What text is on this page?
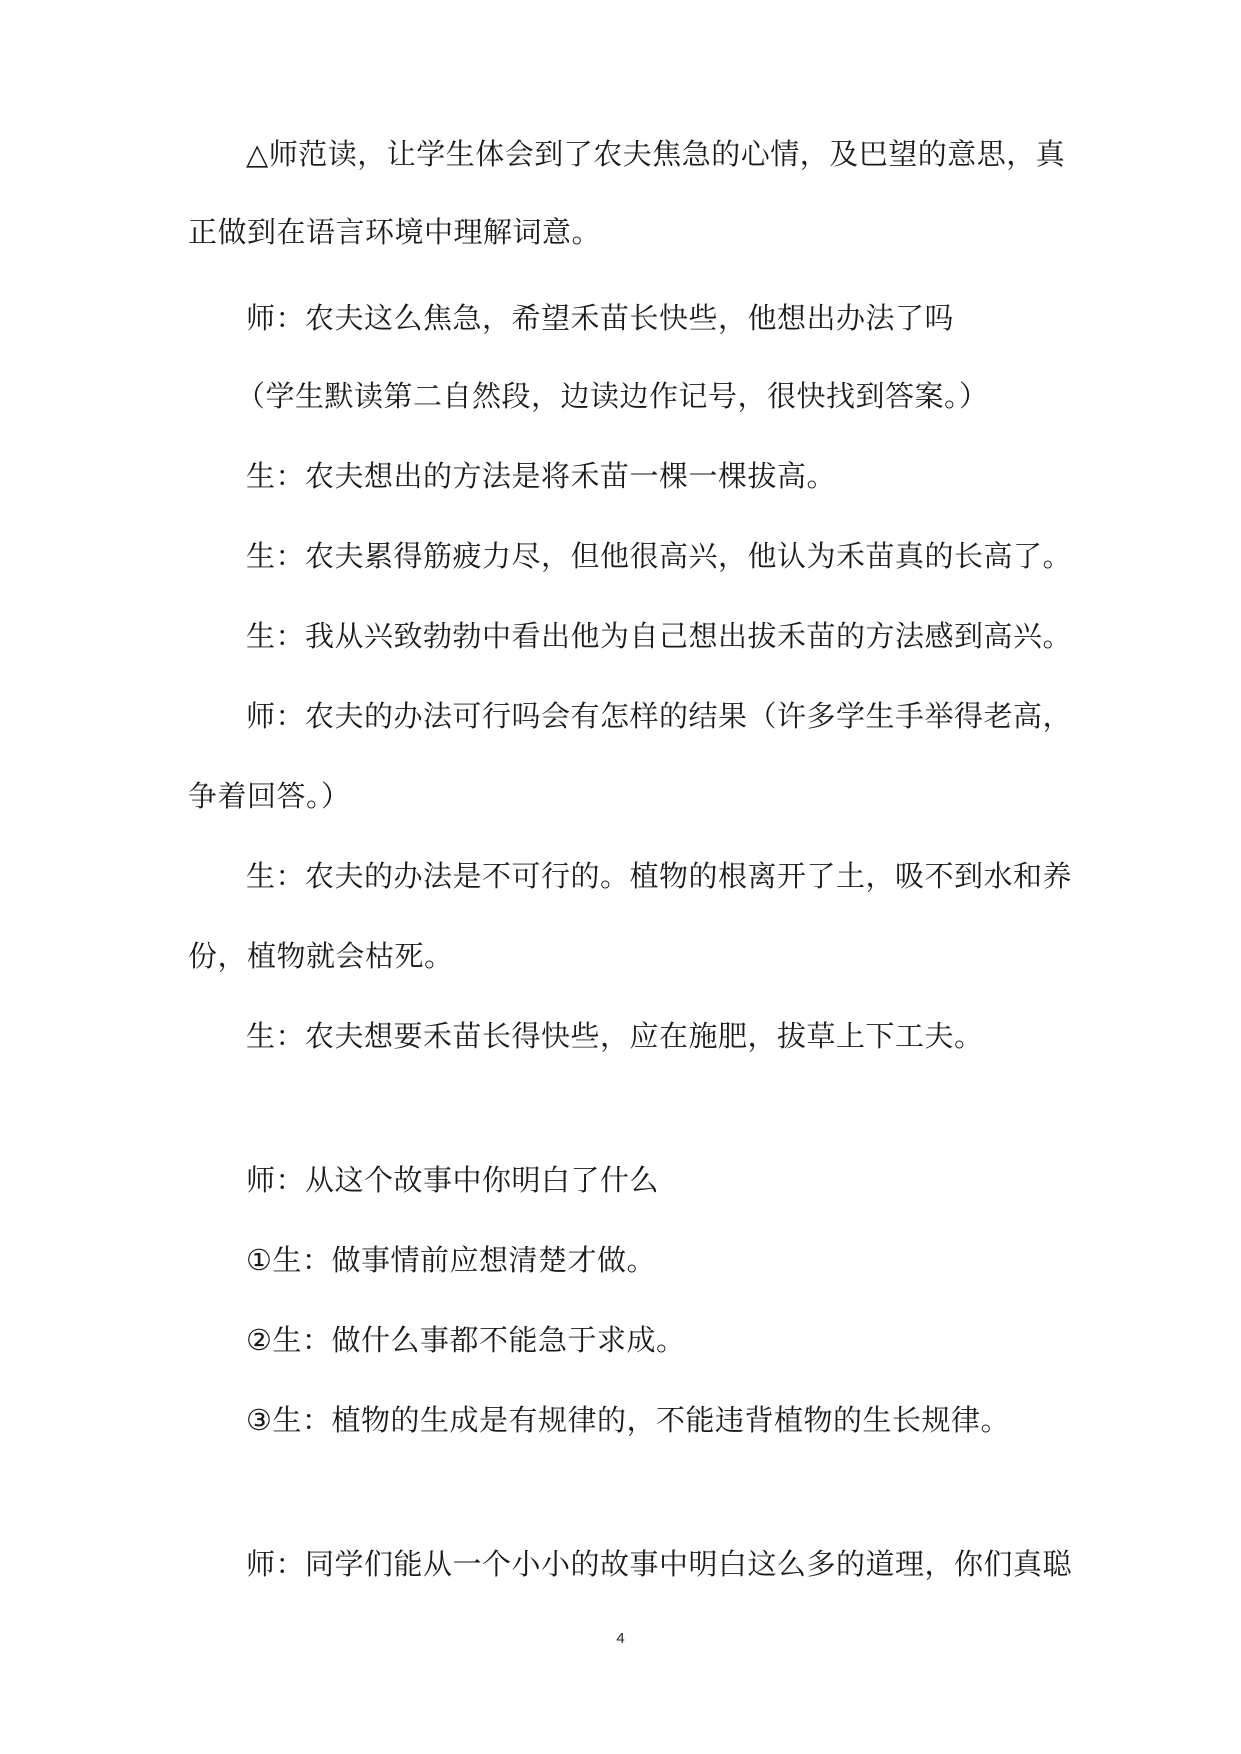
△师范读，让学生体会到了农夫焦急的心情，及巴望的意思，真
正做到在语言环境中理解词意。

师：农夫这么焦急，希望禾苗长快些，他想出办法了吗

（学生默读第二自然段，边读边作记号，很快找到答案。）

生：农夫想出的方法是将禾苗一棵一棵拔高。

生：农夫累得筋疲力尽，但他很高兴，他认为禾苗真的长高了。

生：我从兴致勃勃中看出他为自己想出拔禾苗的方法感到高兴。

师：农夫的办法可行吗会有怎样的结果（许多学生手举得老高，
争着回答。）

生：农夫的办法是不可行的。植物的根离开了土，吸不到水和养
份，植物就会枯死。

生：农夫想要禾苗长得快些，应在施肥，拔草上下工夫。

师：从这个故事中你明白了什么

①生：做事情前应想清楚才做。

②生：做什么事都不能急于求成。

③生：植物的生成是有规律的，不能违背植物的生长规律。

师：同学们能从一个小小的故事中明白这么多的道理，你们真聪

4
